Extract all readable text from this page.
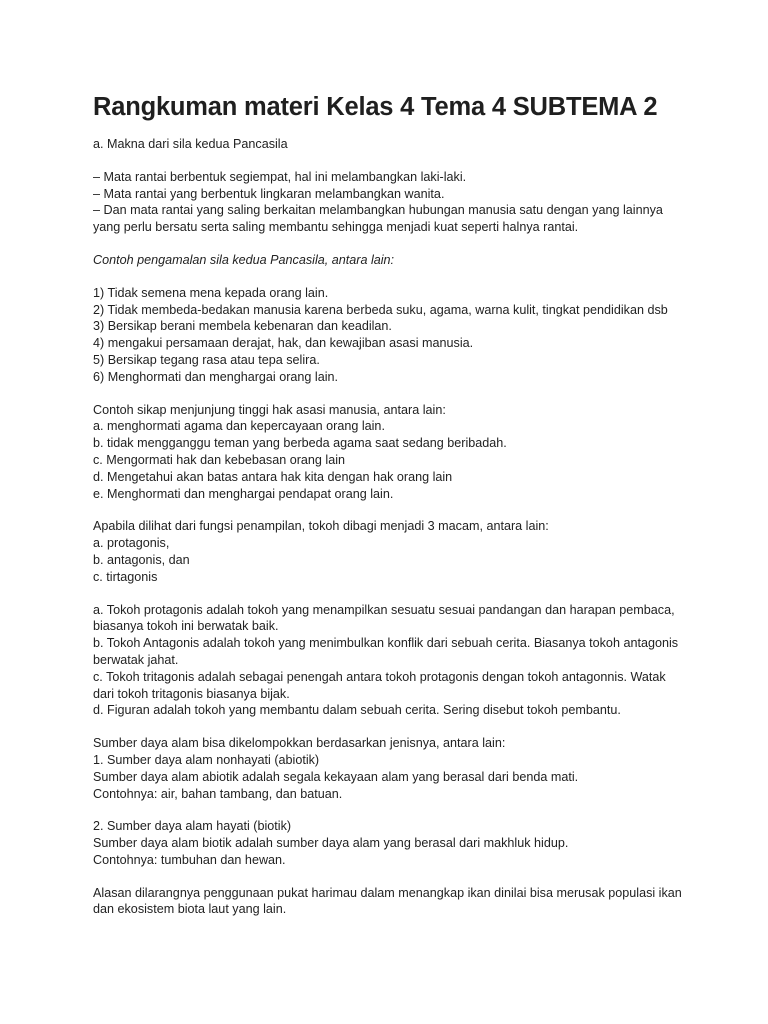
Rangkuman materi Kelas 4 Tema 4 SUBTEMA 2

a. Makna dari sila kedua Pancasila

– Mata rantai berbentuk segiempat, hal ini melambangkan laki-laki.
– Mata rantai yang berbentuk lingkaran melambangkan wanita.
– Dan mata rantai yang saling berkaitan melambangkan hubungan manusia satu dengan yang lainnya yang perlu bersatu serta saling membantu sehingga menjadi kuat seperti halnya rantai.

Contoh pengamalan sila kedua Pancasila, antara lain:

1) Tidak semena mena kepada orang lain.
2) Tidak membeda-bedakan manusia karena berbeda suku, agama, warna kulit, tingkat pendidikan dsb
3) Bersikap berani membela kebenaran dan keadilan.
4) mengakui persamaan derajat, hak, dan kewajiban asasi manusia.
5) Bersikap tegang rasa atau tepa selira.
6) Menghormati dan menghargai orang lain.

Contoh sikap menjunjung tinggi hak asasi manusia, antara lain:
a. menghormati agama dan kepercayaan orang lain.
b. tidak mengganggu teman yang berbeda agama saat sedang beribadah.
c. Mengormati hak dan kebebasan orang lain
d. Mengetahui akan batas antara hak kita dengan hak orang lain
e. Menghormati dan menghargai pendapat orang lain.

Apabila dilihat dari fungsi penampilan, tokoh dibagi menjadi 3 macam, antara lain:
a. protagonis,
b. antagonis, dan
c. tirtagonis

a. Tokoh protagonis adalah tokoh yang menampilkan sesuatu sesuai pandangan dan harapan pembaca, biasanya tokoh ini berwatak baik.
b. Tokoh Antagonis adalah tokoh yang menimbulkan konflik dari sebuah cerita. Biasanya tokoh antagonis berwatak jahat.
c. Tokoh tritagonis adalah sebagai penengah antara tokoh protagonis dengan tokoh antagonnis. Watak dari tokoh tritagonis biasanya bijak.
d. Figuran adalah tokoh yang membantu dalam sebuah cerita. Sering disebut tokoh pembantu.

Sumber daya alam bisa dikelompokkan berdasarkan jenisnya, antara lain:
1. Sumber daya alam nonhayati (abiotik)
Sumber daya alam abiotik adalah segala kekayaan alam yang berasal dari benda mati.
Contohnya: air, bahan tambang, dan batuan.

2. Sumber daya alam hayati (biotik)
Sumber daya alam biotik adalah sumber daya alam yang berasal dari makhluk hidup.
Contohnya: tumbuhan dan hewan.

Alasan dilarangnya penggunaan pukat harimau dalam menangkap ikan dinilai bisa merusak populasi ikan dan ekosistem biota laut yang lain.
